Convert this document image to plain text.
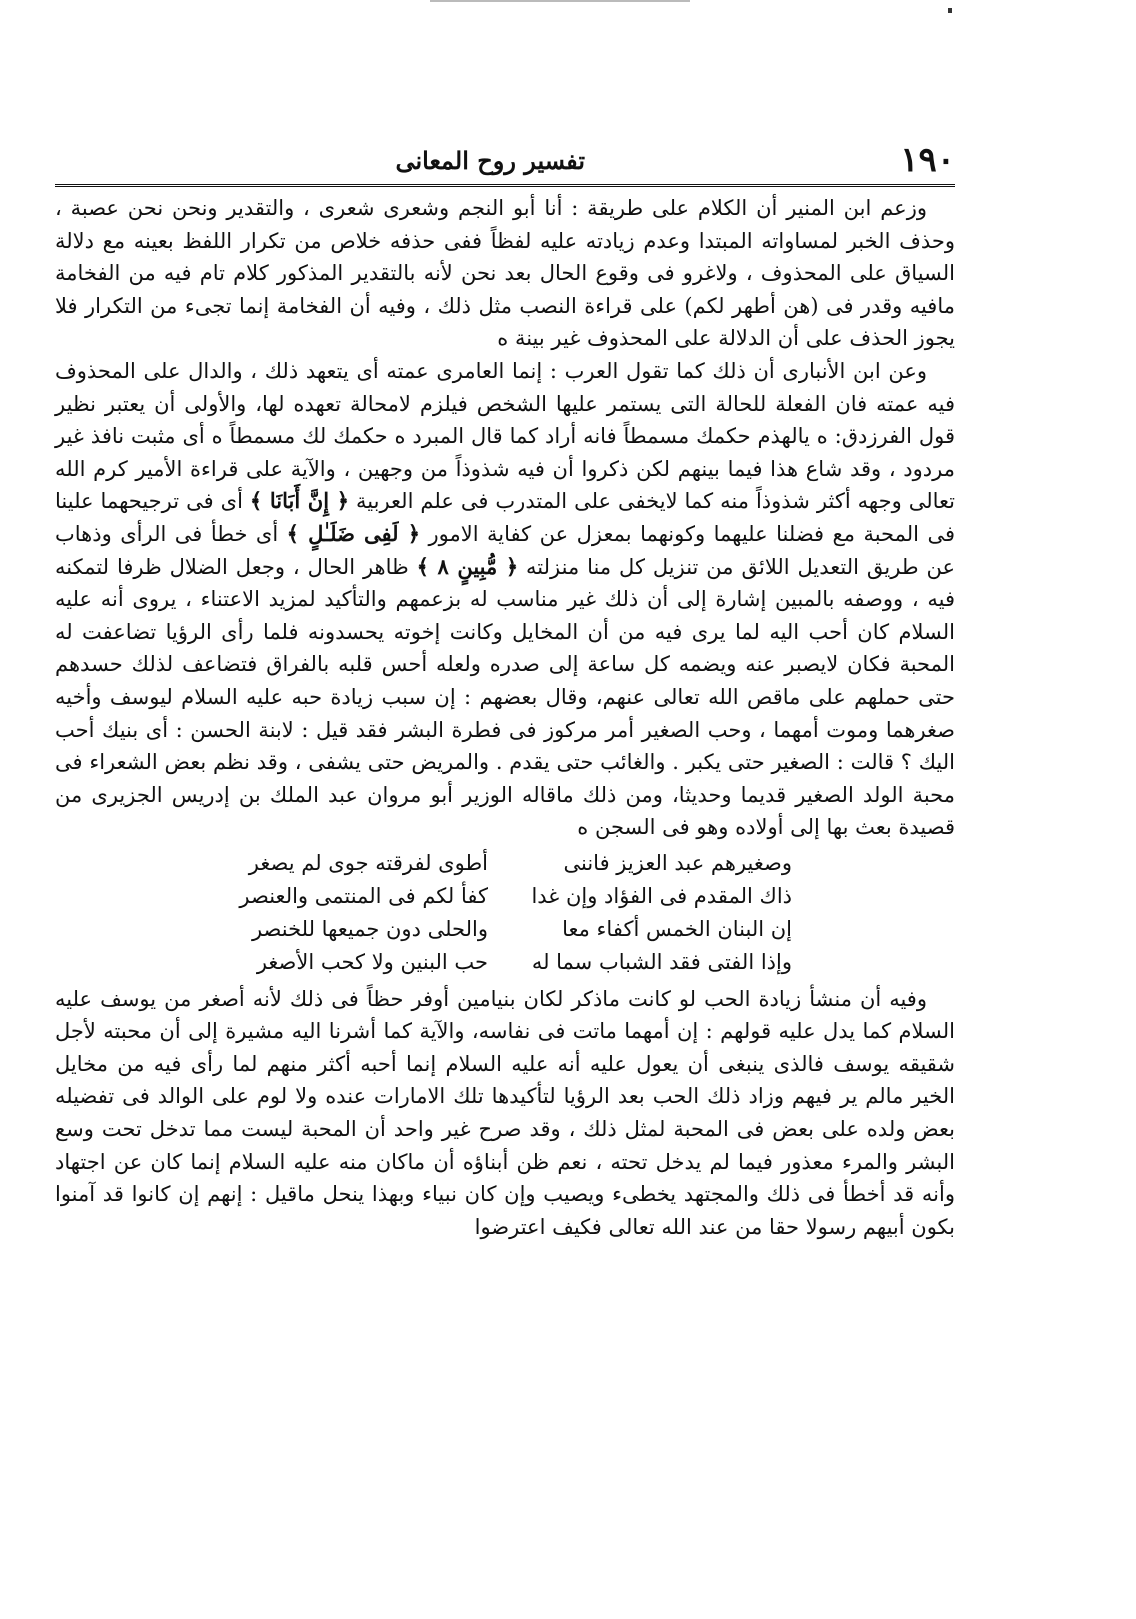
١٩٠
تفسير روح المعانى

وزعم ابن المنير أن الكلام على طريقة : أنا أبو النجم وشعرى شعرى ، والتقدير ونحن نحن عصبة ، وحذف الخبر لمساواته المبتدا وعدم زيادته عليه لفظاً ففى حذفه خلاص من تكرار اللفظ بعينه مع دلالة السياق على المحذوف ، ولاغرو فى وقوع الحال بعد نحن لأنه بالتقدير المذكور كلام تام فيه من الفخامة مافيه وقدر فى (هن أطهر لكم) على قراءة النصب مثل ذلك ، وفيه أن الفخامة إنما تجىء من التكرار فلا يجوز الحذف على أن الدلالة على المحذوف غير بينة ه

وعن ابن الأنبارى أن ذلك كما تقول العرب : إنما العامرى عمته أى يتعهد ذلك ، والدال على المحذوف فيه عمته فان الفعلة للحالة التى يستمر عليها الشخص فيلزم لامحالة تعهده لها، والأولى أن يعتبر نظير قول الفرزدق: ه يالهذم حكمك مسمطاً فانه أراد كما قال المبرد ه حكمك لك مسمطاً ه أى مثبت نافذ غير مردود ، وقد شاع هذا فيما بينهم لكن ذكروا أن فيه شذوذاً من وجهين ، والآية على قراءة الأمير كرم الله تعالى وجهه أكثر شذوذاً منه كما لايخفى على المتدرب فى علم العربية ﴿ إِنَّ أَبَانَا ﴾ أى فى ترجيحهما علينا فى المحبة مع فضلنا عليهما وكونهما بمعزل عن كفاية الامور ﴿ لَفِى ضَلَـٰلٍ ﴾ أى خطأ فى الرأى وذهاب عن طريق التعديل اللائق من تنزيل كل منا منزلته ﴿ مُّبِينٍ ٨ ﴾ ظاهر الحال ، وجعل الضلال ظرفا لتمكنه فيه ، ووصفه بالمبين إشارة إلى أن ذلك غير مناسب له بزعمهم والتأكيد لمزيد الاعتناء ، يروى أنه عليه السلام كان أحب اليه لما يرى فيه من أن المخايل وكانت إخوته يحسدونه فلما رأى الرؤيا تضاعفت له المحبة فكان لايصبر عنه ويضمه كل ساعة إلى صدره ولعله أحس قلبه بالفراق فتضاعف لذلك حسدهم حتى حملهم على ماقص الله تعالى عنهم، وقال بعضهم : إن سبب زيادة حبه عليه السلام ليوسف وأخيه صغرهما وموت أمهما ، وحب الصغير أمر مركوز فى فطرة البشر فقد قيل : لابنة الحسن : أى بنيك أحب اليك ؟ قالت : الصغير حتى يكبر . والغائب حتى يقدم . والمريض حتى يشفى ، وقد نظم بعض الشعراء فى محبة الولد الصغير قديما وحديثا، ومن ذلك ماقاله الوزير أبو مروان عبد الملك بن إدريس الجزيرى من قصيدة بعث بها إلى أولاده وهو فى السجن ه

وصغيرهم عبد العزيز فاننى
أطوى لفرقته جوى لم يصغر
ذاك المقدم فى الفؤاد وإن غدا
كفأ لكم فى المنتمى والعنصر
إن البنان الخمس أكفاء معا
والحلى دون جميعها للخنصر
وإذا الفتى فقد الشباب سما له
حب البنين ولا كحب الأصغر

وفيه أن منشأ زيادة الحب لو كانت ماذكر لكان بنيامين أوفر حظاً فى ذلك لأنه أصغر من يوسف عليه السلام كما يدل عليه قولهم : إن أمهما ماتت فى نفاسه، والآية كما أشرنا اليه مشيرة إلى أن محبته لأجل شقيقه يوسف فالذى ينبغى أن يعول عليه أنه عليه السلام إنما أحبه أكثر منهم لما رأى فيه من مخايل الخير مالم ير فيهم وزاد ذلك الحب بعد الرؤيا لتأكيدها تلك الامارات عنده ولا لوم على الوالد فى تفضيله بعض ولده على بعض فى المحبة لمثل ذلك ، وقد صرح غير واحد أن المحبة ليست مما تدخل تحت وسع البشر والمرء معذور فيما لم يدخل تحته ، نعم ظن أبناؤه أن ماكان منه عليه السلام إنما كان عن اجتهاد وأنه قد أخطأ فى ذلك والمجتهد يخطىء ويصيب وإن كان نبياء وبهذا ينحل ماقيل : إنهم إن كانوا قد آمنوا بكون أبيهم رسولا حقا من عند الله تعالى فكيف اعترضوا
